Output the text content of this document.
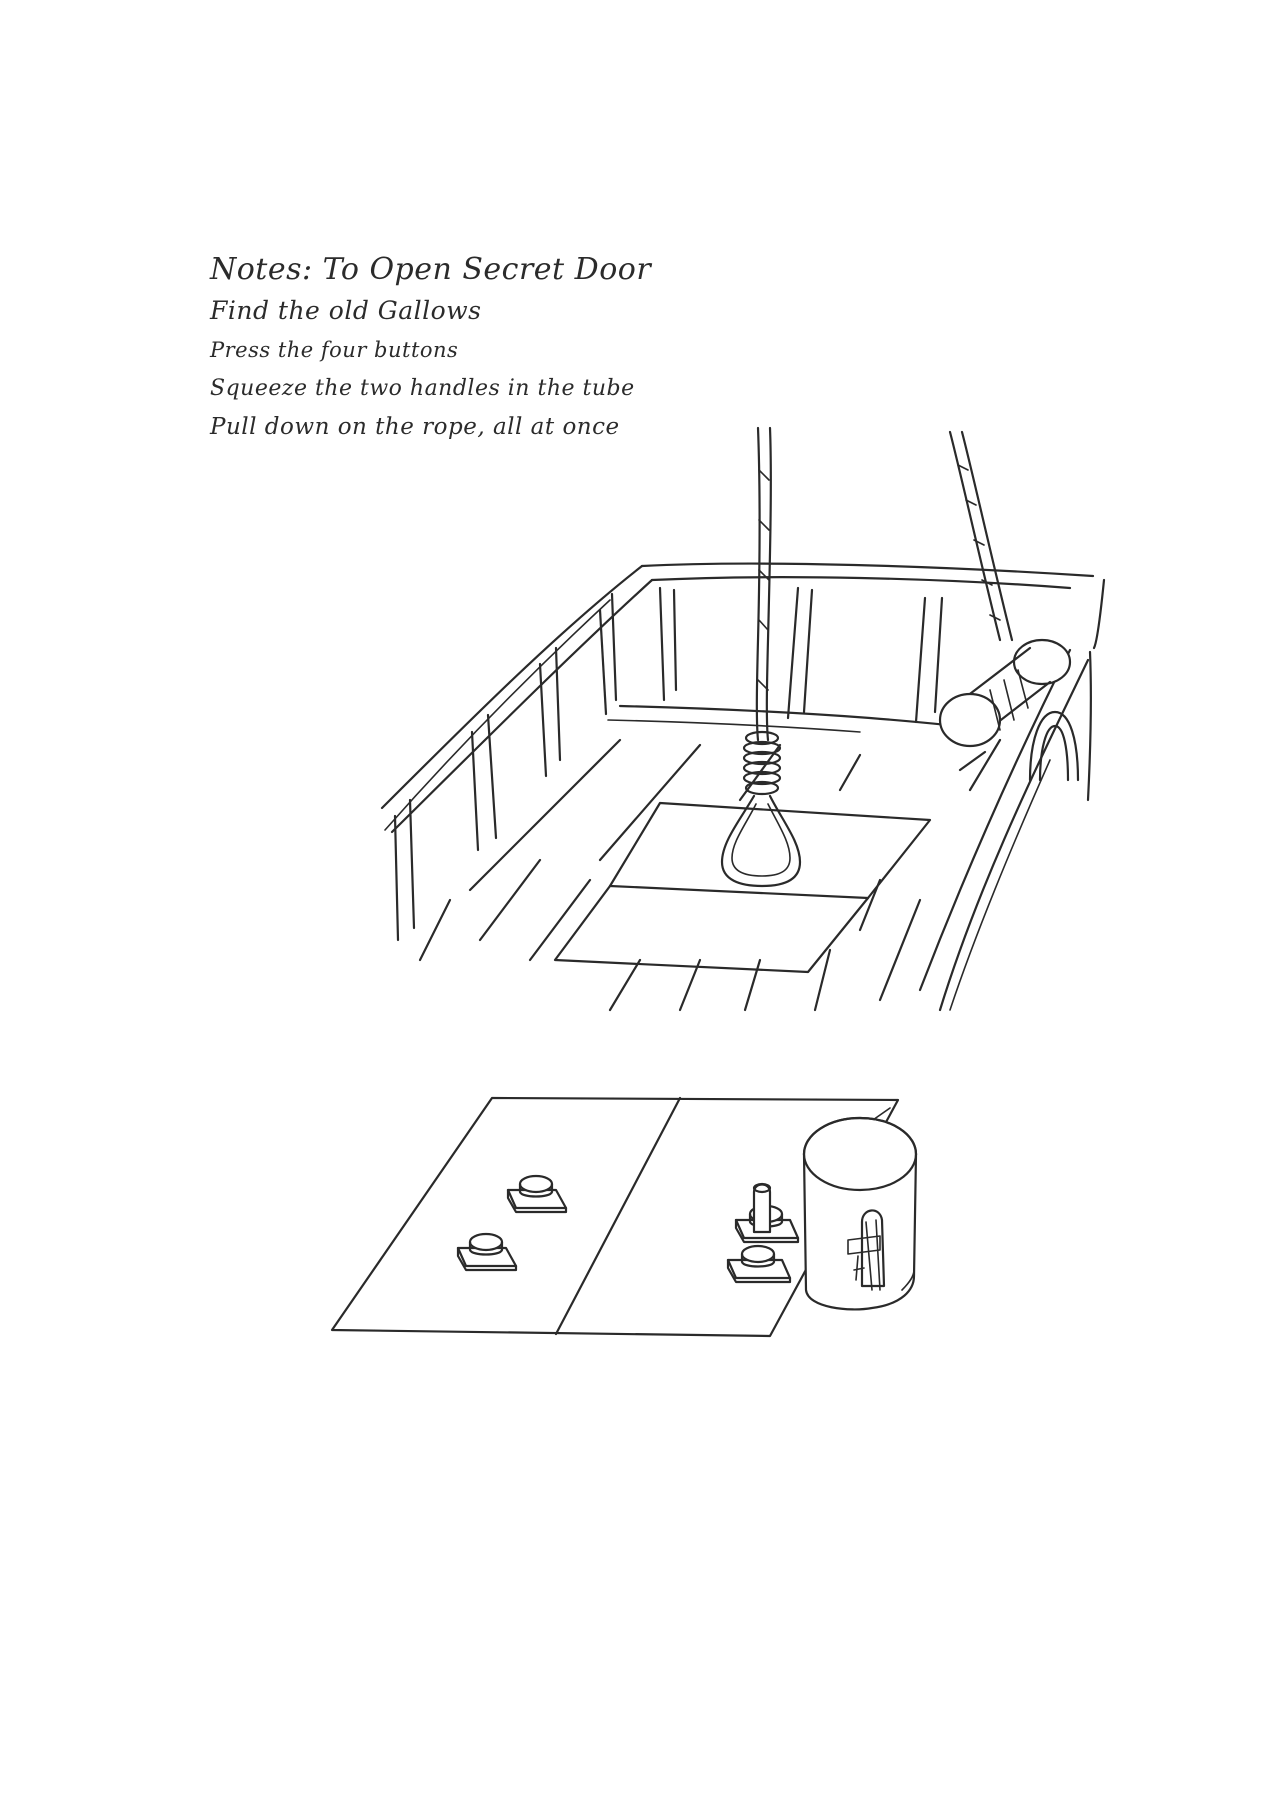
Notes: To Open Secret Door
Find the old Gallows
Press the four buttons
Squeeze the two handles in the tube
Pull down on the rope, all at once
